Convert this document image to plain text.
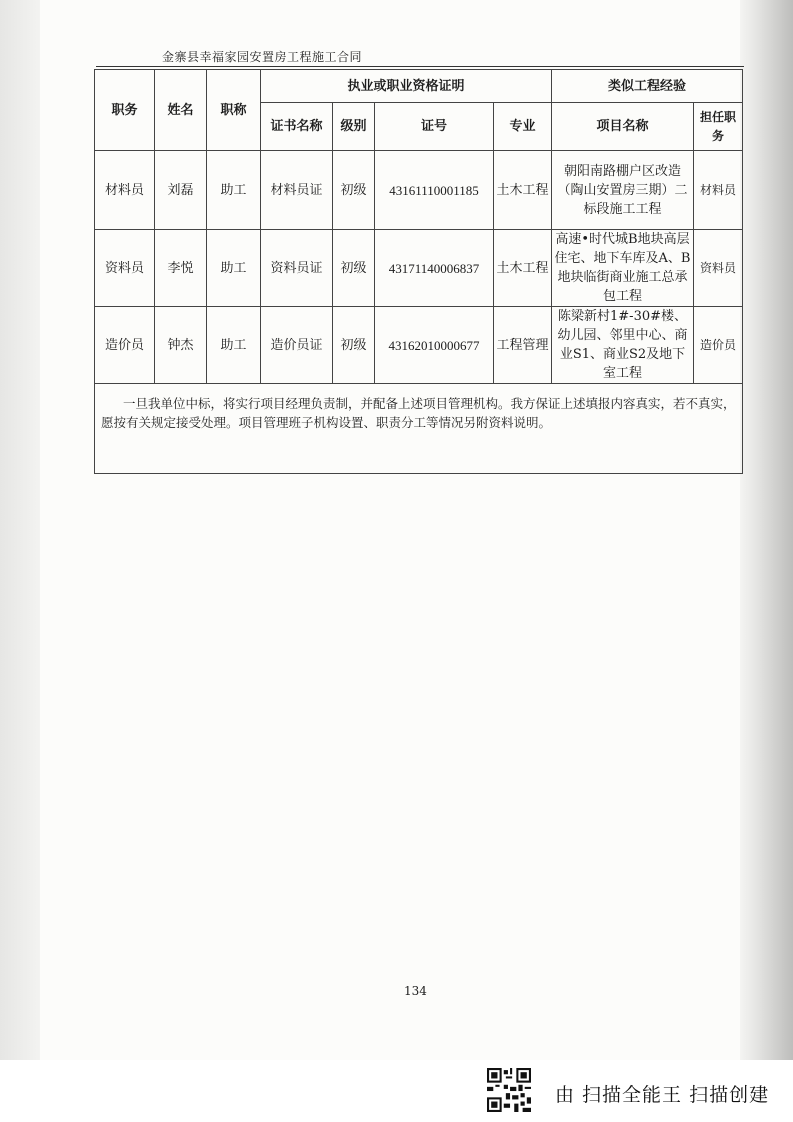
金寨县幸福家园安置房工程施工合同
职务	姓名	职称	执业或职业资格证明				类似工程经验	
			证书名称	级别	证号	专业	项目名称	担任职务
材料员	刘磊	助工	材料员证	初级	43161110001185	土木工程	朝阳南路棚户区改造（陶山安置房三期）二标段施工工程	材料员
资料员	李悦	助工	资料员证	初级	43171140006837	土木工程	高速•时代城B地块高层住宅、地下车库及A、B地块临街商业施工总承包工程	资料员
造价员	钟杰	助工	造价员证	初级	43162010000677	工程管理	陈梁新村1#-30#楼、幼儿园、邻里中心、商业S1、商业S2及地下室工程	造价员
一旦我单位中标，将实行项目经理负责制，并配备上述项目管理机构。我方保证上述填报内容真实，若不真实，愿按有关规定接受处理。项目管理班子机构设置、职责分工等情况另附资料说明。								
134
由 扫描全能王 扫描创建
